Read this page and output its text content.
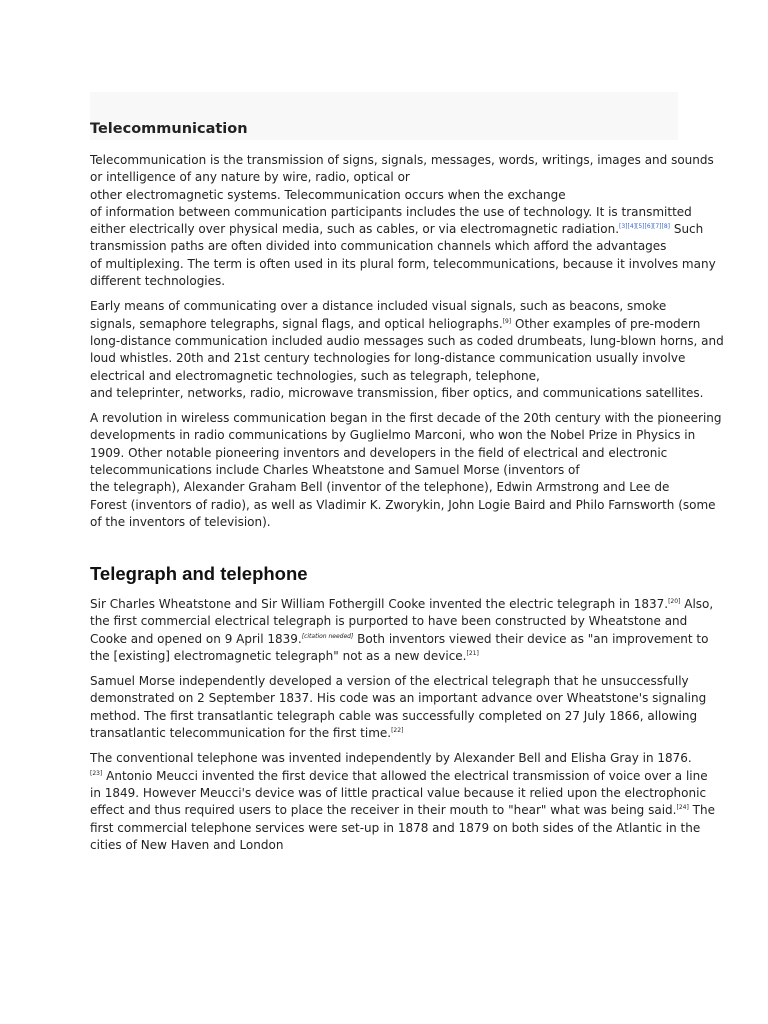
Telecommunication

Telecommunication is the transmission of signs, signals, messages, words, writings, images and sounds
or intelligence of any nature by wire, radio, optical or
other electromagnetic systems. Telecommunication occurs when the exchange
of information between communication participants includes the use of technology. It is transmitted
either electrically over physical media, such as cables, or via electromagnetic radiation.[3][4][5][6][7][8] Such
transmission paths are often divided into communication channels which afford the advantages
of multiplexing. The term is often used in its plural form, telecommunications, because it involves many
different technologies.

Early means of communicating over a distance included visual signals, such as beacons, smoke
signals, semaphore telegraphs, signal flags, and optical heliographs.[9] Other examples of pre-modern
long-distance communication included audio messages such as coded drumbeats, lung-blown horns, and
loud whistles. 20th and 21st century technologies for long-distance communication usually involve
electrical and electromagnetic technologies, such as telegraph, telephone,
and teleprinter, networks, radio, microwave transmission, fiber optics, and communications satellites.

A revolution in wireless communication began in the first decade of the 20th century with the pioneering
developments in radio communications by Guglielmo Marconi, who won the Nobel Prize in Physics in
1909. Other notable pioneering inventors and developers in the field of electrical and electronic
telecommunications include Charles Wheatstone and Samuel Morse (inventors of
the telegraph), Alexander Graham Bell (inventor of the telephone), Edwin Armstrong and Lee de
Forest (inventors of radio), as well as Vladimir K. Zworykin, John Logie Baird and Philo Farnsworth (some
of the inventors of television).

Telegraph and telephone

Sir Charles Wheatstone and Sir William Fothergill Cooke invented the electric telegraph in 1837.[20] Also,
the first commercial electrical telegraph is purported to have been constructed by Wheatstone and
Cooke and opened on 9 April 1839.[citation needed] Both inventors viewed their device as "an improvement to
the [existing] electromagnetic telegraph" not as a new device.[21]

Samuel Morse independently developed a version of the electrical telegraph that he unsuccessfully
demonstrated on 2 September 1837. His code was an important advance over Wheatstone's signaling
method. The first transatlantic telegraph cable was successfully completed on 27 July 1866, allowing
transatlantic telecommunication for the first time.[22]

The conventional telephone was invented independently by Alexander Bell and Elisha Gray in 1876.
[23] Antonio Meucci invented the first device that allowed the electrical transmission of voice over a line
in 1849. However Meucci's device was of little practical value because it relied upon the electrophonic
effect and thus required users to place the receiver in their mouth to "hear" what was being said.[24] The
first commercial telephone services were set-up in 1878 and 1879 on both sides of the Atlantic in the
cities of New Haven and London
